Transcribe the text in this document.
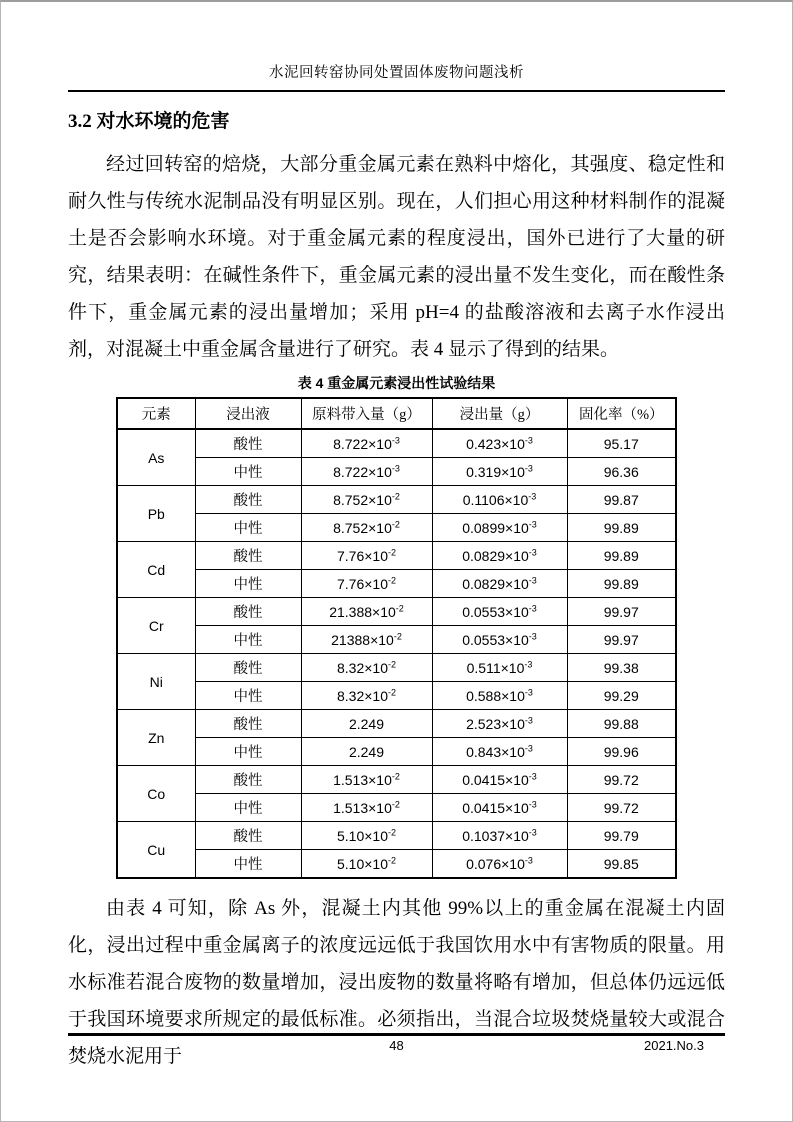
水泥回转窑协同处置固体废物问题浅析
3.2 对水环境的危害

经过回转窑的焙烧，大部分重金属元素在熟料中熔化，其强度、稳定性和耐久性与传统水泥制品没有明显区别。现在，人们担心用这种材料制作的混凝土是否会影响水环境。对于重金属元素的程度浸出，国外已进行了大量的研究，结果表明：在碱性条件下，重金属元素的浸出量不发生变化，而在酸性条件下，重金属元素的浸出量增加；采用 pH=4 的盐酸溶液和去离子水作浸出剂，对混凝土中重金属含量进行了研究。表 4 显示了得到的结果。

表 4 重金属元素浸出性试验结果
元素	浸出液	原料带入量（g）	浸出量（g）	固化率（%）
As	酸性	$8.722\times 10^{-3}$	$0.423\times 10^{-3}$	95.17
	中性	$8.722\times 10^{-3}$	$0.319\times 10^{-3}$	96.36
Pb	酸性	$8.752\times 10^{-2}$	$0.1106\times 10^{-3}$	99.87
	中性	$8.752\times 10^{-2}$	$0.0899\times 10^{-3}$	99.89
Cd	酸性	$7.76\times 10^{-2}$	$0.0829\times 10^{-3}$	99.89
	中性	$7.76\times 10^{-2}$	$0.0829\times 10^{-3}$	99.89
Cr	酸性	$21.388\times 10^{-2}$	$0.0553\times 10^{-3}$	99.97
	中性	$21388\times 10^{-2}$	$0.0553\times 10^{-3}$	99.97
Ni	酸性	$8.32\times 10^{-2}$	$0.511\times 10^{-3}$	99.38
	中性	$8.32\times 10^{-2}$	$0.588\times 10^{-3}$	99.29
Zn	酸性	2.249	$2.523\times 10^{-3}$	99.88
	中性	2.249	$0.843\times 10^{-3}$	99.96
Co	酸性	$1.513\times 10^{-2}$	$0.0415\times 10^{-3}$	99.72
	中性	$1.513\times 10^{-2}$	$0.0415\times 10^{-3}$	99.72
Cu	酸性	$5.10\times 10^{-2}$	$0.1037\times 10^{-3}$	99.79
	中性	$5.10\times 10^{-2}$	$0.076\times 10^{-3}$	99.85

由表 4 可知，除 As 外，混凝土内其他 99%以上的重金属在混凝土内固化，浸出过程中重金属离子的浓度远远低于我国饮用水中有害物质的限量。用水标准若混合废物的数量增加，浸出废物的数量将略有增加，但总体仍远远低于我国环境要求所规定的最低标准。必须指出，当混合垃圾焚烧量较大或混合焚烧水泥用于

48	2021.No.3
